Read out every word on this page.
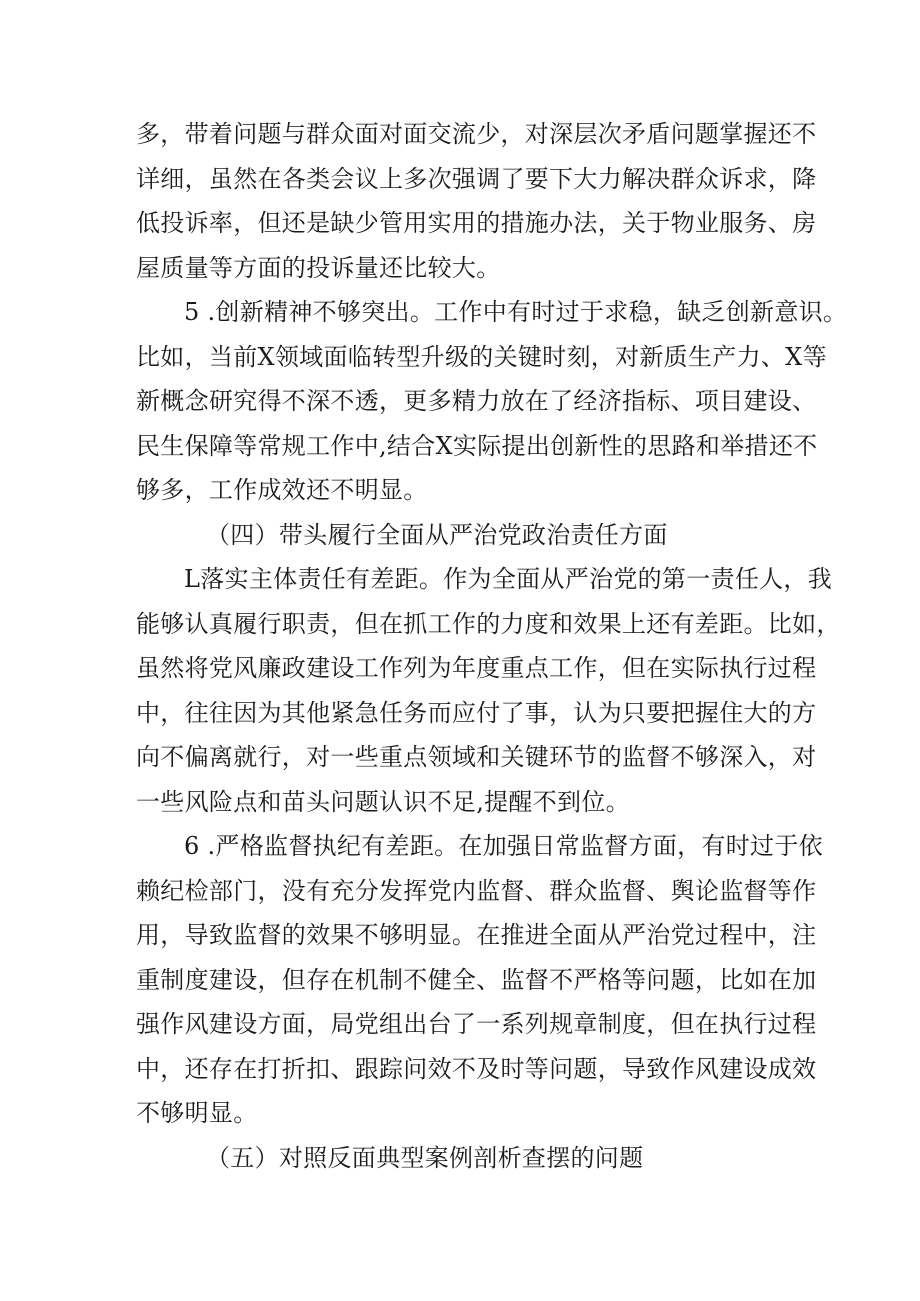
多，带着问题与群众面对面交流少，对深层次矛盾问题掌握还不
详细，虽然在各类会议上多次强调了要下大力解决群众诉求，降
低投诉率，但还是缺少管用实用的措施办法，关于物业服务、房
屋质量等方面的投诉量还比较大。
5 .创新精神不够突出。工作中有时过于求稳，缺乏创新意识。
比如，当前X领域面临转型升级的关键时刻，对新质生产力、X等
新概念研究得不深不透，更多精力放在了经济指标、项目建设、
民生保障等常规工作中,结合X实际提出创新性的思路和举措还不
够多，工作成效还不明显。
（四）带头履行全面从严治党政治责任方面
L落实主体责任有差距。作为全面从严治党的第一责任人，我
能够认真履行职责，但在抓工作的力度和效果上还有差距。比如，
虽然将党风廉政建设工作列为年度重点工作，但在实际执行过程
中，往往因为其他紧急任务而应付了事，认为只要把握住大的方
向不偏离就行，对一些重点领域和关键环节的监督不够深入，对
一些风险点和苗头问题认识不足,提醒不到位。
6 .严格监督执纪有差距。在加强日常监督方面，有时过于依
赖纪检部门，没有充分发挥党内监督、群众监督、舆论监督等作
用，导致监督的效果不够明显。在推进全面从严治党过程中，注
重制度建设，但存在机制不健全、监督不严格等问题，比如在加
强作风建设方面，局党组出台了一系列规章制度，但在执行过程
中，还存在打折扣、跟踪问效不及时等问题，导致作风建设成效
不够明显。
（五）对照反面典型案例剖析查摆的问题
